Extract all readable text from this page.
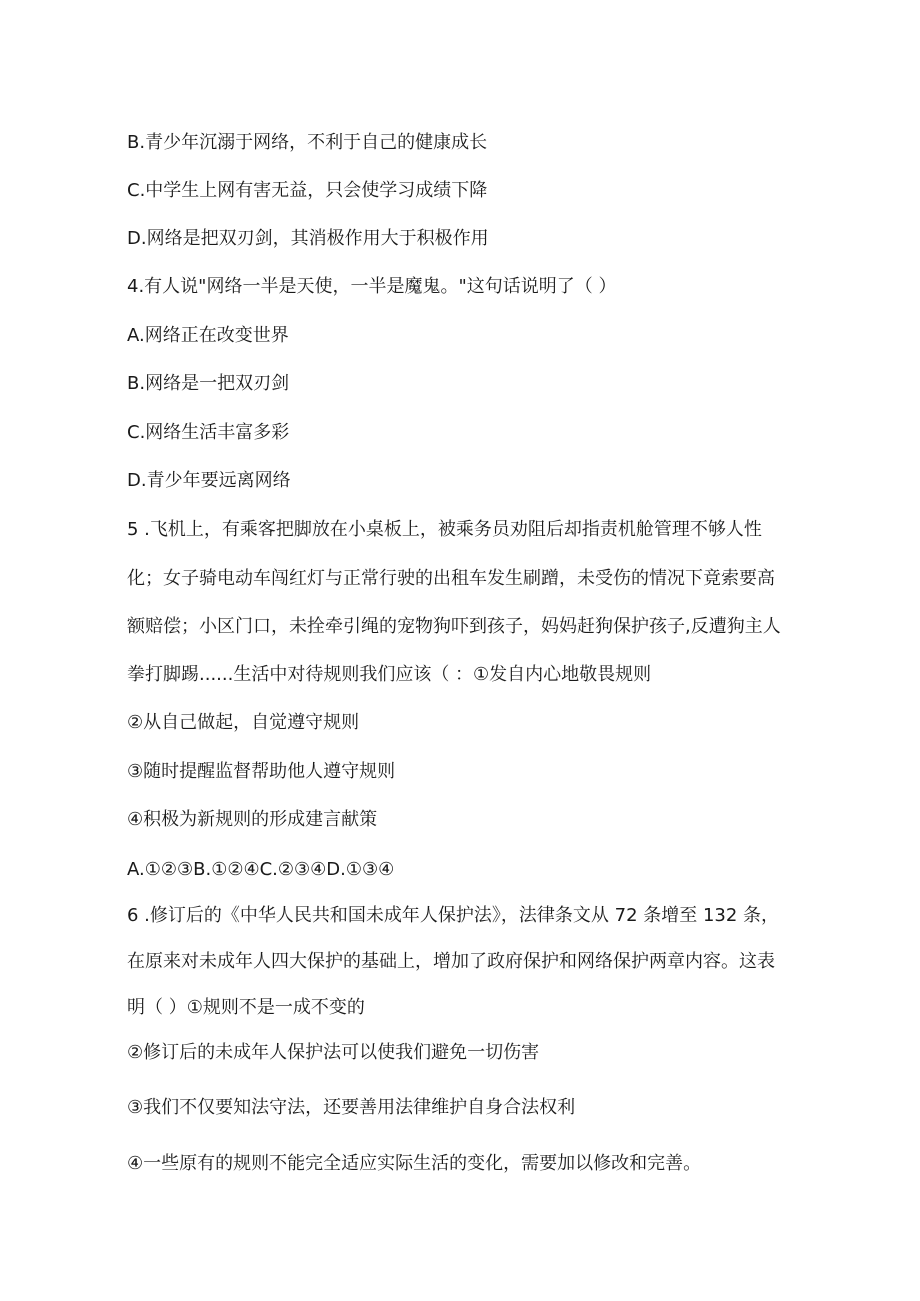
B.青少年沉溺于网络，不利于自己的健康成长
C.中学生上网有害无益，只会使学习成绩下降
D.网络是把双刃剑，其消极作用大于积极作用
4.有人说"网络一半是天使，一半是魔鬼。"这句话说明了（ ）
A.网络正在改变世界
B.网络是一把双刃剑
C.网络生活丰富多彩
D.青少年要远离网络
5 .飞机上，有乘客把脚放在小桌板上，被乘务员劝阻后却指责机舱管理不够人性
化；女子骑电动车闯红灯与正常行驶的出租车发生刷蹭，未受伤的情况下竟索要高
额赔偿；小区门口，未拴牵引绳的宠物狗吓到孩子，妈妈赶狗保护孩子,反遭狗主人
拳打脚踢......生活中对待规则我们应该（ ：①发自内心地敬畏规则
②从自己做起，自觉遵守规则
③随时提醒监督帮助他人遵守规则
④积极为新规则的形成建言献策
A.①②③B.①②④C.②③④D.①③④
6 .修订后的《中华人民共和国未成年人保护法》，法律条文从 72 条增至 132 条，
在原来对未成年人四大保护的基础上，增加了政府保护和网络保护两章内容。这表
明（ ）①规则不是一成不变的
②修订后的未成年人保护法可以使我们避免一切伤害
③我们不仅要知法守法，还要善用法律维护自身合法权利
④一些原有的规则不能完全适应实际生活的变化，需要加以修改和完善。
